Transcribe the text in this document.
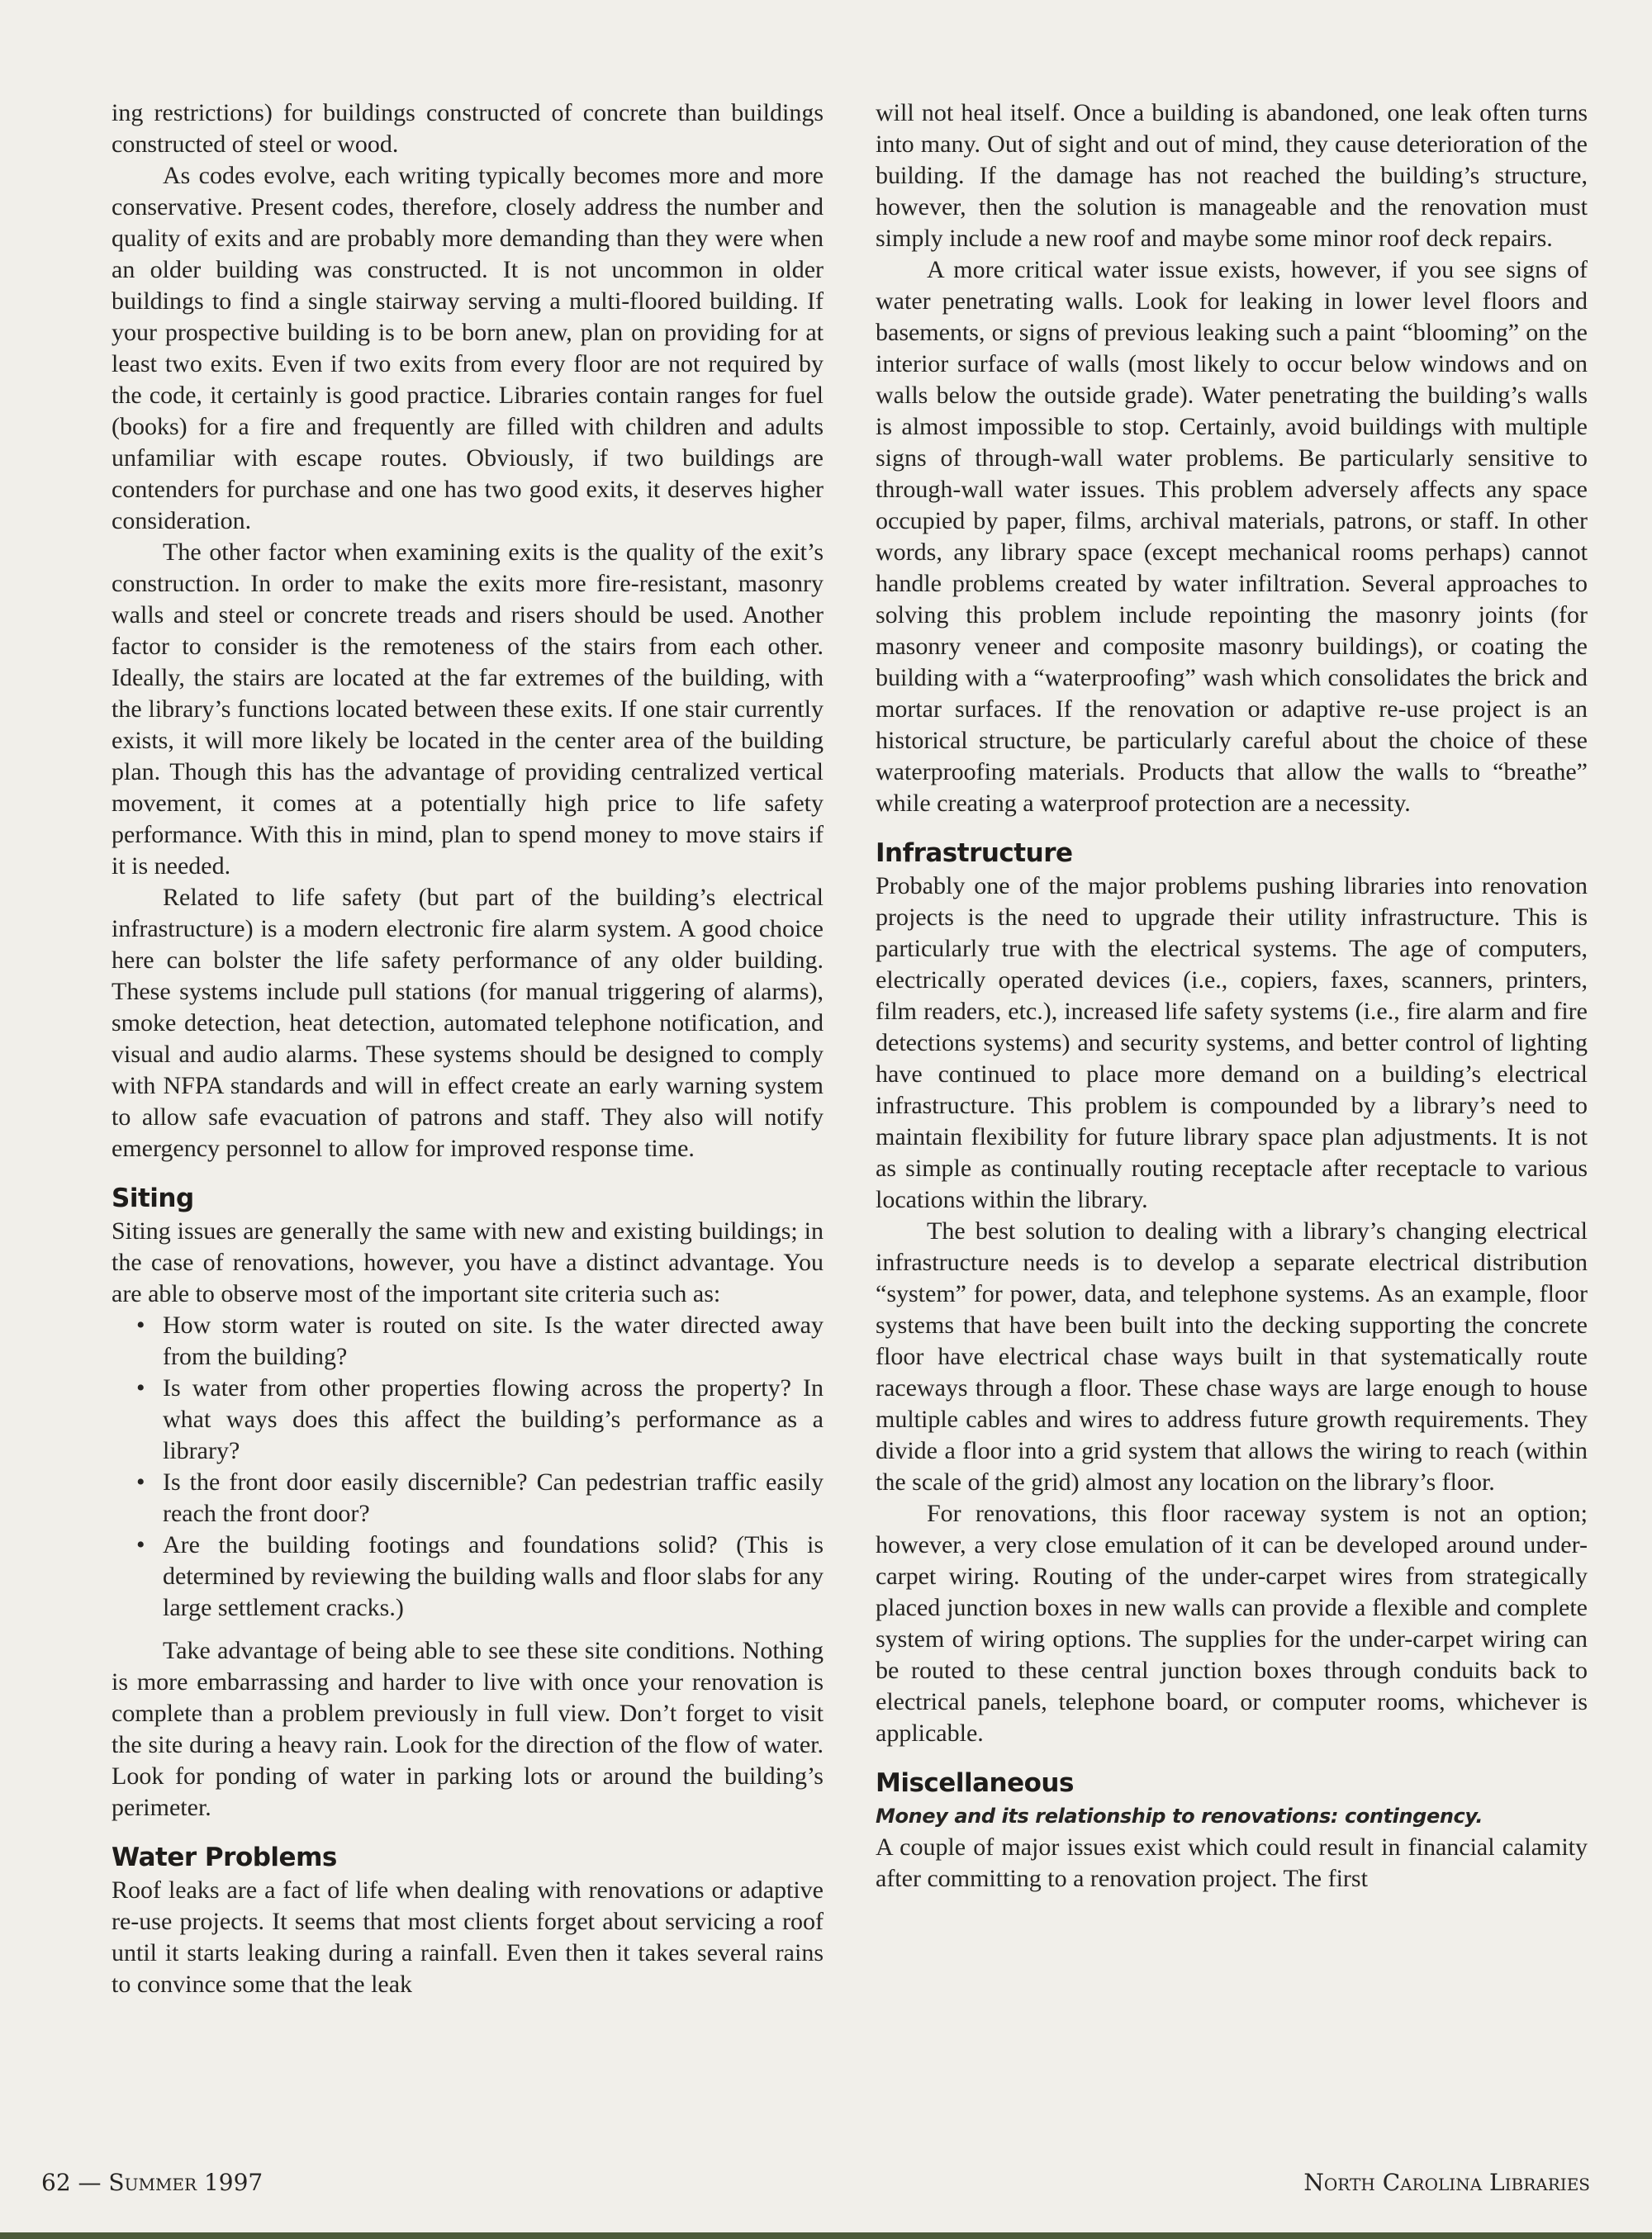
ing restrictions) for buildings constructed of concrete than buildings constructed of steel or wood.

As codes evolve, each writing typically becomes more and more conservative. Present codes, therefore, closely address the number and quality of exits and are probably more demanding than they were when an older building was constructed. It is not uncommon in older buildings to find a single stairway serving a multi-floored building. If your prospective building is to be born anew, plan on providing for at least two exits. Even if two exits from every floor are not required by the code, it certainly is good practice. Libraries contain ranges for fuel (books) for a fire and frequently are filled with children and adults unfamiliar with escape routes. Obviously, if two buildings are contenders for purchase and one has two good exits, it deserves higher consideration.

The other factor when examining exits is the quality of the exit’s construction. In order to make the exits more fire-resistant, masonry walls and steel or concrete treads and risers should be used. Another factor to consider is the remoteness of the stairs from each other. Ideally, the stairs are located at the far extremes of the building, with the library’s functions located between these exits. If one stair currently exists, it will more likely be located in the center area of the building plan. Though this has the advantage of providing centralized vertical movement, it comes at a potentially high price to life safety performance. With this in mind, plan to spend money to move stairs if it is needed.

Related to life safety (but part of the building’s electrical infrastructure) is a modern electronic fire alarm system. A good choice here can bolster the life safety performance of any older building. These systems include pull stations (for manual triggering of alarms), smoke detection, heat detection, automated telephone notification, and visual and audio alarms. These systems should be designed to comply with NFPA standards and will in effect create an early warning system to allow safe evacuation of patrons and staff. They also will notify emergency personnel to allow for improved response time.

Siting

Siting issues are generally the same with new and existing buildings; in the case of renovations, however, you have a distinct advantage. You are able to observe most of the important site criteria such as:

• How storm water is routed on site. Is the water directed away from the building?
• Is water from other properties flowing across the property? In what ways does this affect the building’s performance as a library?
• Is the front door easily discernible? Can pedestrian traffic easily reach the front door?
• Are the building footings and foundations solid? (This is determined by reviewing the building walls and floor slabs for any large settlement cracks.)

Take advantage of being able to see these site conditions. Nothing is more embarrassing and harder to live with once your renovation is complete than a problem previously in full view. Don’t forget to visit the site during a heavy rain. Look for the direction of the flow of water. Look for ponding of water in parking lots or around the building’s perimeter.

Water Problems

Roof leaks are a fact of life when dealing with renovations or adaptive re-use projects. It seems that most clients forget about servicing a roof until it starts leaking during a rainfall. Even then it takes several rains to convince some that the leak

will not heal itself. Once a building is abandoned, one leak often turns into many. Out of sight and out of mind, they cause deterioration of the building. If the damage has not reached the building’s structure, however, then the solution is manageable and the renovation must simply include a new roof and maybe some minor roof deck repairs.

A more critical water issue exists, however, if you see signs of water penetrating walls. Look for leaking in lower level floors and basements, or signs of previous leaking such a paint “blooming” on the interior surface of walls (most likely to occur below windows and on walls below the outside grade). Water penetrating the building’s walls is almost impossible to stop. Certainly, avoid buildings with multiple signs of through-wall water problems. Be particularly sensitive to through-wall water issues. This problem adversely affects any space occupied by paper, films, archival materials, patrons, or staff. In other words, any library space (except mechanical rooms perhaps) cannot handle problems created by water infiltration. Several approaches to solving this problem include repointing the masonry joints (for masonry veneer and composite masonry buildings), or coating the building with a “waterproofing” wash which consolidates the brick and mortar surfaces. If the renovation or adaptive re-use project is an historical structure, be particularly careful about the choice of these waterproofing materials. Products that allow the walls to “breathe” while creating a waterproof protection are a necessity.

Infrastructure

Probably one of the major problems pushing libraries into renovation projects is the need to upgrade their utility infrastructure. This is particularly true with the electrical systems. The age of computers, electrically operated devices (i.e., copiers, faxes, scanners, printers, film readers, etc.), increased life safety systems (i.e., fire alarm and fire detections systems) and security systems, and better control of lighting have continued to place more demand on a building’s electrical infrastructure. This problem is compounded by a library’s need to maintain flexibility for future library space plan adjustments. It is not as simple as continually routing receptacle after receptacle to various locations within the library.

The best solution to dealing with a library’s changing electrical infrastructure needs is to develop a separate electrical distribution “system” for power, data, and telephone systems. As an example, floor systems that have been built into the decking supporting the concrete floor have electrical chase ways built in that systematically route raceways through a floor. These chase ways are large enough to house multiple cables and wires to address future growth requirements. They divide a floor into a grid system that allows the wiring to reach (within the scale of the grid) almost any location on the library’s floor.

For renovations, this floor raceway system is not an option; however, a very close emulation of it can be developed around under-carpet wiring. Routing of the under-carpet wires from strategically placed junction boxes in new walls can provide a flexible and complete system of wiring options. The supplies for the under-carpet wiring can be routed to these central junction boxes through conduits back to electrical panels, telephone board, or computer rooms, whichever is applicable.

Miscellaneous
Money and its relationship to renovations: contingency.

A couple of major issues exist which could result in financial calamity after committing to a renovation project. The first

62 — Summer 1997	North Carolina Libraries
